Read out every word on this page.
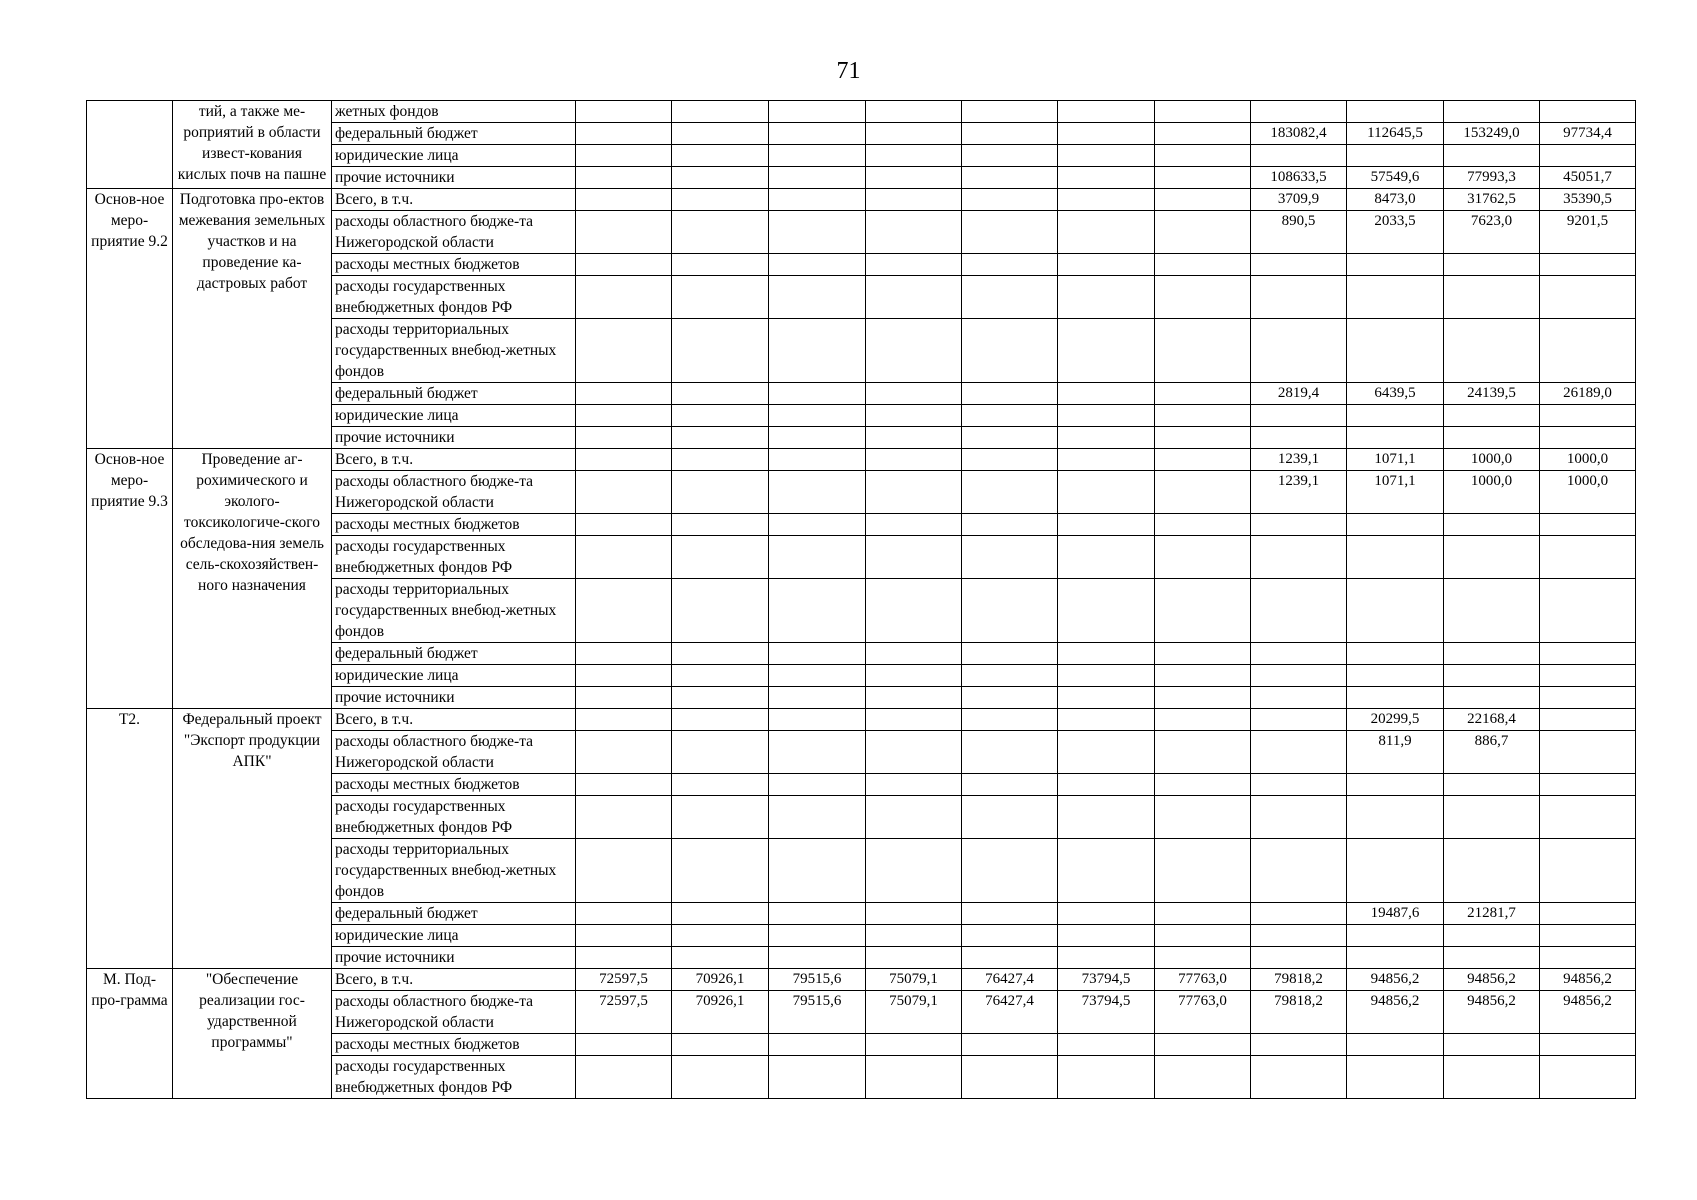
71
	тий, а также ме-роприятий в области извест-кования кислых почв на пашне	жетных фондов											
		федеральный бюджет								183082,4	112645,5	153249,0	97734,4
		юридические лица											
		прочие источники								108633,5	57549,6	77993,3	45051,7
Основ-ное меро-приятие 9.2	Подготовка про-ектов межевания земельных участков и на проведение ка-дастровых работ	Всего, в т.ч.								3709,9	8473,0	31762,5	35390,5
		расходы областного бюдже-та Нижегородской области								890,5	2033,5	7623,0	9201,5
		расходы местных бюджетов											
		расходы государственных внебюджетных фондов РФ											
		расходы территориальных государственных внебюд-жетных фондов											
		федеральный бюджет								2819,4	6439,5	24139,5	26189,0
		юридические лица											
		прочие источники											
Основ-ное меро-приятие 9.3	Проведение аг-рохимического и эколого-токсикологиче-ского обследова-ния земель сель-скохозяйствен-ного назначения	Всего, в т.ч.								1239,1	1071,1	1000,0	1000,0
		расходы областного бюдже-та Нижегородской области								1239,1	1071,1	1000,0	1000,0
		расходы местных бюджетов											
		расходы государственных внебюджетных фондов РФ											
		расходы территориальных государственных внебюд-жетных фондов											
		федеральный бюджет											
		юридические лица											
		прочие источники											
Т2.	Федеральный проект "Экспорт продукции АПК"	Всего, в т.ч.									20299,5	22168,4	
		расходы областного бюдже-та Нижегородской области									811,9	886,7	
		расходы местных бюджетов											
		расходы государственных внебюджетных фондов РФ											
		расходы территориальных государственных внебюд-жетных фондов											
		федеральный бюджет									19487,6	21281,7	
		юридические лица											
		прочие источники											
М. Под-про-грамма	"Обеспечение реализации гос-ударственной программы"	Всего, в т.ч.	72597,5	70926,1	79515,6	75079,1	76427,4	73794,5	77763,0	79818,2	94856,2	94856,2	94856,2
		расходы областного бюдже-та Нижегородской области	72597,5	70926,1	79515,6	75079,1	76427,4	73794,5	77763,0	79818,2	94856,2	94856,2	94856,2
		расходы местных бюджетов											
		расходы государственных внебюджетных фондов РФ											
